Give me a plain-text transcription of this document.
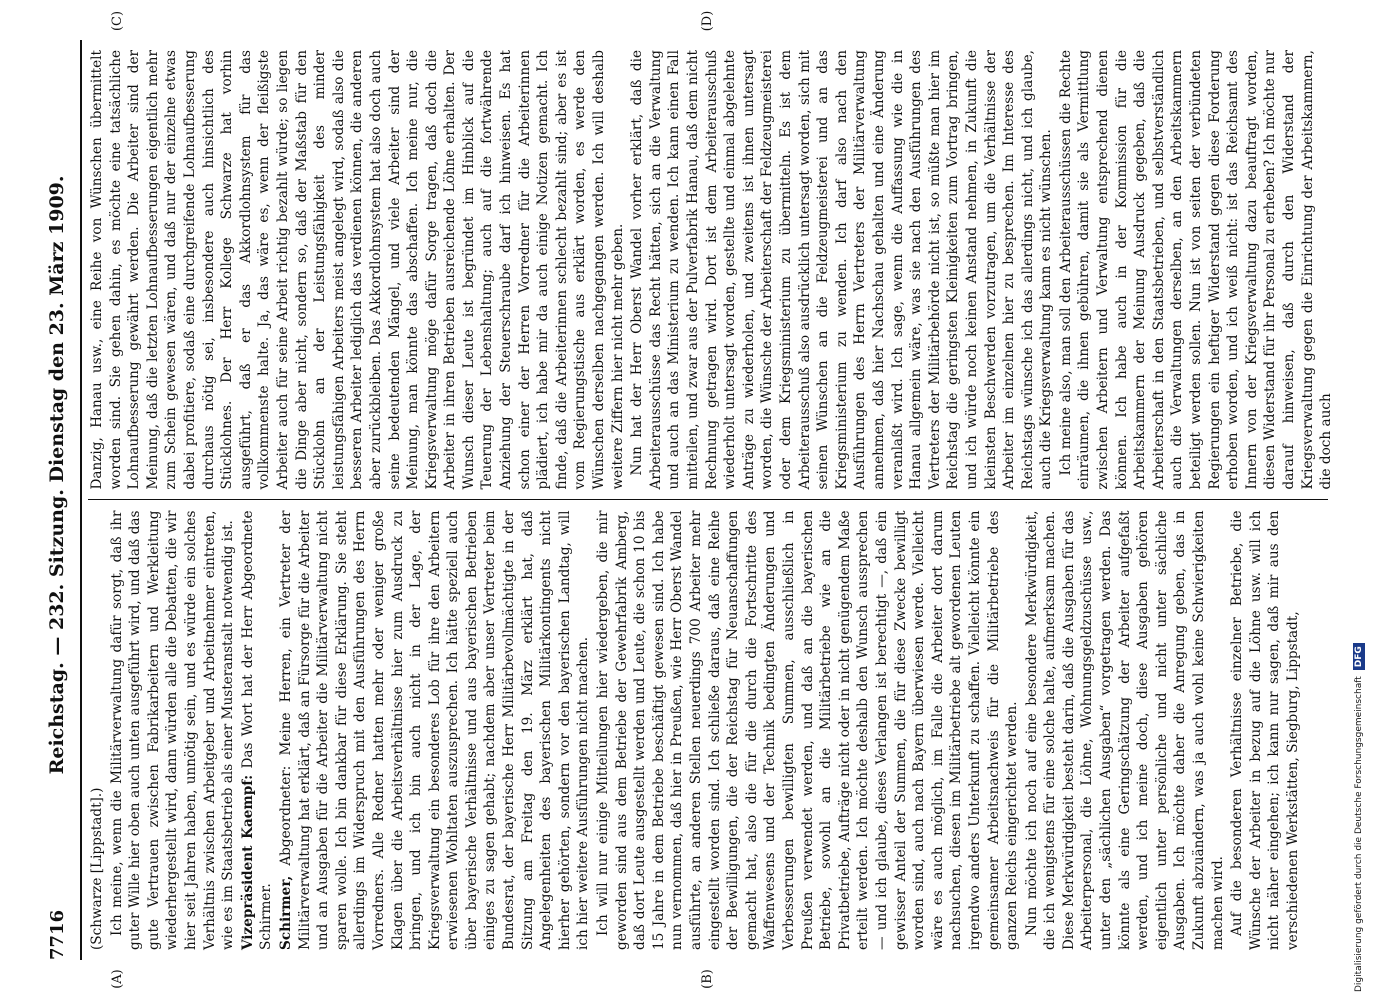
7716
Reichstag. — 232. Sitzung. Dienstag den 23. März 1909.

(Schwarze [Lippstadt].) Ich meine, wenn die Militärverwaltung dafür sorgt, daß ihr guter Wille hier oben auch unten ausgeführt wird, und daß das gute Vertrauen zwischen Fabrikarbeitern und Werkleitung wiederhergestellt wird, dann würden alle die Debatten, die wir hier seit Jahren haben, unnötig sein, und es würde ein solches Verhältnis zwischen Arbeitgeber und Arbeitnehmer eintreten, wie es im Staatsbetrieb als einer Musteranstalt notwendig ist. Vizepräsident Kaempf: Das Wort hat der Herr Abgeordnete Schirmer. Schirmer, Abgeordneter: Meine Herren, ein Vertreter der Militärverwaltung hat erklärt, daß an Fürsorge für die Arbeiter und an Ausgaben für die Arbeiter die Militärverwaltung nicht sparen wolle. Ich bin dankbar für diese Erklärung. Sie steht allerdings im Widerspruch mit den Ausführungen des Herrn Vorredners. Alle Redner hatten mehr oder weniger große Klagen über die Arbeitsverhältnisse hier zum Ausdruck zu bringen, und ich bin auch nicht in der Lage, der Kriegsverwaltung ein besonderes Lob für ihre den Arbeitern erwiesenen Wohltaten auszusprechen. Ich hätte speziell auch über bayerische Verhältnisse und aus bayerischen Betrieben einiges zu sagen gehabt; nachdem aber unser Vertreter beim Bundesrat, der bayerische Herr Militärbevollmächtigte in der Sitzung am Freitag den 19. März erklärt hat, daß Angelegenheiten des bayerischen Militärkontingents nicht hierher gehörten, sondern vor den bayerischen Landtag, will ich hier weitere Ausführungen nicht machen. Ich will nur einige Mitteilungen hier wiedergeben, die mir geworden sind aus dem Betriebe der Gewehrfabrik Amberg, daß dort Leute ausgestellt werden und Leute, die schon 10 bis 15 Jahre in dem Betriebe beschäftigt gewesen sind. Ich habe nun vernommen, daß hier in Preußen, wie Herr Oberst Wandel ausführte, an anderen Stellen neuerdings 700 Arbeiter mehr eingestellt worden sind. Ich schließe daraus, daß eine Reihe der Bewilligungen, die der Reichstag für Neuanschaffungen gemacht hat, also die für die durch die Fortschritte des Waffenwesens und der Technik bedingten Änderungen und Verbesserungen bewilligten Summen, ausschließlich in Preußen verwendet werden, und daß an die bayerischen Betriebe, sowohl an die Militärbetriebe wie an die Privatbetriebe, Aufträge nicht oder in nicht genügendem Maße erteilt werden. Ich möchte deshalb den Wunsch aussprechen — und ich glaube, dieses Verlangen ist berechtigt —, daß ein gewisser Anteil der Summen, die für diese Zwecke bewilligt worden sind, auch nach Bayern überwiesen werde. Vielleicht wäre es auch möglich, im Falle die Arbeiter dort darum nachsuchen, diesen im Militärbetriebe alt gewordenen Leuten irgendwo anders Unterkunft zu schaffen. Vielleicht könnte ein gemeinsamer Arbeitsnachweis für die Militärbetriebe des ganzen Reichs eingerichtet werden. Nun möchte ich noch auf eine besondere Merkwürdigkeit, die ich wenigstens für eine solche halte, aufmerksam machen. Diese Merkwürdigkeit besteht darin, daß die Ausgaben für das Arbeiterpersonal, die Löhne, Wohnungsgeldzuschüsse usw., unter den „sächlichen Ausgaben“ vorgetragen werden. Das könnte als eine Geringschätzung der Arbeiter aufgefaßt werden, und ich meine doch, diese Ausgaben gehören eigentlich unter persönliche und nicht unter sächliche Ausgaben. Ich möchte daher die Anregung geben, das in Zukunft abzuändern, was ja auch wohl keine Schwierigkeiten machen wird. Auf die besonderen Verhältnisse einzelner Betriebe, die Wünsche der Arbeiter in bezug auf die Löhne usw. will ich nicht näher eingehen; ich kann nur sagen, daß mir aus den verschiedenen Werkstätten, Siegburg, Lippstadt,

Danzig, Hanau usw., eine Reihe von Wünschen übermittelt worden sind. Sie gehen dahin, es möchte eine tatsächliche Lohnaufbesserung gewährt werden. Die Arbeiter sind der Meinung, daß die letzten Lohnaufbesserungen eigentlich mehr zum Schein gewesen wären, und daß nur der einzelne etwas dabei profitiere, sodaß eine durchgreifende Lohnaufbesserung durchaus nötig sei, insbesondere auch hinsichtlich des Stücklohnes. Der Herr Kollege Schwarze hat vorhin ausgeführt, daß er das Akkordlohnsystem für das vollkommenste halte. Ja, das wäre es, wenn der fleißigste Arbeiter auch für seine Arbeit richtig bezahlt würde; so liegen die Dinge aber nicht, sondern so, daß der Maßstab für den Stücklohn an der Leistungsfähigkeit des minder leistungsfähigen Arbeiters meist angelegt wird, sodaß also die besseren Arbeiter lediglich das verdienen können, die anderen aber zurückbleiben. Das Akkordlohnsystem hat also doch auch seine bedeutenden Mängel, und viele Arbeiter sind der Meinung, man könnte das abschaffen. Ich meine nur, die Kriegsverwaltung möge dafür Sorge tragen, daß doch die Arbeiter in ihren Betrieben ausreichende Löhne erhalten. Der Wunsch dieser Leute ist begründet im Hinblick auf die Teuerung der Lebenshaltung; auch auf die fortwährende Anziehung der Steuerschraube darf ich hinweisen. Es hat schon einer der Herren Vorredner für die Arbeiterinnen plädiert, ich habe mir da auch einige Notizen gemacht. Ich finde, daß die Arbeiterinnen schlecht bezahlt sind; aber es ist vom Regierungstische aus erklärt worden, es werde den Wünschen derselben nachgegangen werden. Ich will deshalb weitere Ziffern hier nicht mehr geben. Nun hat der Herr Oberst Wandel vorher erklärt, daß die Arbeiterausschüsse das Recht hätten, sich an die Verwaltung und auch an das Ministerium zu wenden. Ich kann einen Fall mitteilen, und zwar aus der Pulverfabrik Hanau, daß dem nicht Rechnung getragen wird. Dort ist dem Arbeiterausschuß wiederholt untersagt worden, gestellte und einmal abgelehnte Anträge zu wiederholen, und zweitens ist ihnen untersagt worden, die Wünsche der Arbeiterschaft der Feldzeugmeisterei oder dem Kriegsministerium zu übermitteln. Es ist dem Arbeiterausschuß also ausdrücklich untersagt worden, sich mit seinen Wünschen an die Feldzeugmeisterei und an das Kriegsministerium zu wenden. Ich darf also nach den Ausführungen des Herrn Vertreters der Militärverwaltung annehmen, daß hier Nachschau gehalten und eine Änderung veranlaßt wird. Ich sage, wenn die Auffassung wie die in Hanau allgemein wäre, was sie nach den Ausführungen des Vertreters der Militärbehörde nicht ist, so müßte man hier im Reichstag die geringsten Kleinigkeiten zum Vortrag bringen, und ich würde noch keinen Anstand nehmen, in Zukunft die kleinsten Beschwerden vorzutragen, um die Verhältnisse der Arbeiter im einzelnen hier zu besprechen. Im Interesse des Reichstags wünsche ich das allerdings nicht, und ich glaube, auch die Kriegsverwaltung kann es nicht wünschen. Ich meine also, man soll den Arbeiterausschüssen die Rechte einräumen, die ihnen gebühren, damit sie als Vermittlung zwischen Arbeitern und Verwaltung entsprechend dienen können. Ich habe auch in der Kommission für die Arbeitskammern der Meinung Ausdruck gegeben, daß die Arbeiterschaft in den Staatsbetrieben, und selbstverständlich auch die Verwaltungen derselben, an den Arbeitskammern beteiligt werden sollen. Nun ist von seiten der verbündeten Regierungen ein heftiger Widerstand gegen diese Forderung erhoben worden, und ich weiß nicht: ist das Reichsamt des Innern von der Kriegsverwaltung dazu beauftragt worden, diesen Widerstand für ihr Personal zu erheben? Ich möchte nur darauf hinweisen, daß durch den Widerstand der Kriegsverwaltung gegen die Einrichtung der Arbeitskammern, die doch auch

(A)	(B)
(C)	(D)
Digitalisierung gefördert durch die Deutsche Forschungsgemeinschaft
DFG
